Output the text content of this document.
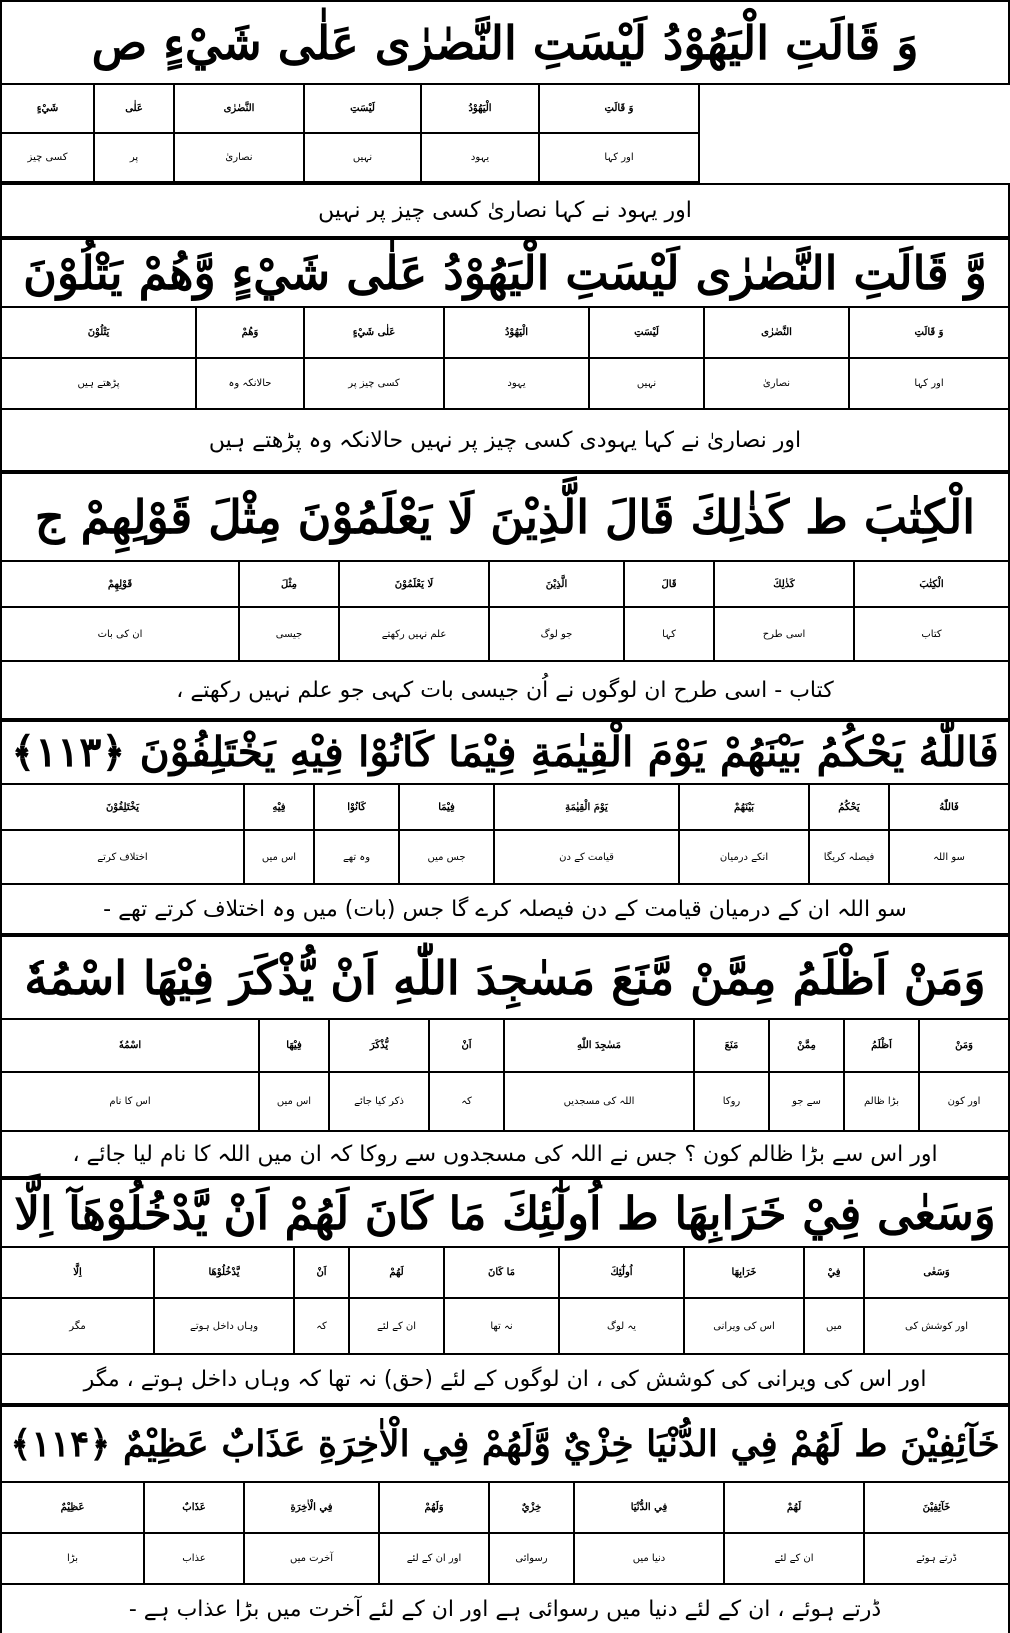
وَ قَالَتِ الْيَهُوْدُ لَيْسَتِ النَّصٰرٰى عَلٰى شَيْءٍ ص
وَ قَالَتِ
الْيَهُوْدُ
لَيْسَتِ
النَّصٰرٰى
عَلٰى
شَيْءٍ
اور کہا
یہود
نہیں
نصاریٰ
پر
کسی چیز
اور یہود نے کہا نصاریٰ کسی چیز پر نہیں
وَّ قَالَتِ النَّصٰرٰى لَيْسَتِ الْيَهُوْدُ عَلٰى شَيْءٍ وَّهُمْ يَتْلُوْنَ
وَ قَالَتِ
النَّصٰرٰى
لَيْسَتِ
الْيَهُوْدُ
عَلٰى شَيْءٍ
وَهُمْ
يَتْلُوْنَ
اور کہا
نصاریٰ
نہیں
یہود
کسی چیز پر
حالانکہ وہ
پڑھتے ہیں
اور نصاریٰ نے کہا یہودی کسی چیز پر نہیں حالانکہ وہ پڑھتے ہیں
الْكِتٰبَ ط كَذٰلِكَ قَالَ الَّذِيْنَ لَا يَعْلَمُوْنَ مِثْلَ قَوْلِهِمْ ج
الْكِتٰبَ
كَذٰلِكَ
قَالَ
الَّذِيْنَ
لَا يَعْلَمُوْنَ
مِثْلَ
قَوْلِهِمْ
کتاب
اسی طرح
کہا
جو لوگ
علم نہیں رکھتے
جیسی
ان کی بات
کتاب - اسی طرح ان لوگوں نے اُن جیسی بات کہی جو علم نہیں رکھتے ،
فَاللّٰهُ يَحْكُمُ بَيْنَهُمْ يَوْمَ الْقِيٰمَةِ فِيْمَا كَانُوْا فِيْهِ يَخْتَلِفُوْنَ ﴿۱۱۳﴾
فَاللّٰهُ
يَحْكُمُ
بَيْنَهُمْ
يَوْمَ الْقِيٰمَةِ
فِيْمَا
كَانُوْا
فِيْهِ
يَخْتَلِفُوْنَ
سو اللہ
فیصلہ کریگا
انکے درمیان
قیامت کے دن
جس میں
وہ تھے
اس میں
اختلاف کرتے
سو اللہ ان کے درمیان قیامت کے دن فیصلہ کرے گا جس (بات) میں وہ اختلاف کرتے تھے -
وَمَنْ اَظْلَمُ مِمَّنْ مَّنَعَ مَسٰجِدَ اللّٰهِ اَنْ يُّذْكَرَ فِيْهَا اسْمُهٗ
وَمَنْ
اَظْلَمُ
مِمَّنْ
مَنَعَ
مَسٰجِدَ اللّٰهِ
اَنْ
يُّذْكَرَ
فِيْهَا
اسْمُهٗ
اور کون
بڑا ظالم
سے جو
روکا
اللہ کی مسجدیں
کہ
ذکر کیا جائے
اس میں
اس کا نام
اور اس سے بڑا ظالم کون ؟ جس نے اللہ کی مسجدوں سے روکا کہ ان میں اللہ کا نام لیا جائے ،
وَسَعٰى فِيْ خَرَابِهَا ط اُولٰٓئِكَ مَا كَانَ لَهُمْ اَنْ يَّدْخُلُوْهَآ اِلَّا
وَسَعٰى
فِيْ
خَرَابِهَا
اُولٰٓئِكَ
مَا كَانَ
لَهُمْ
اَنْ
يَّدْخُلُوْهَا
اِلَّا
اور کوشش کی
میں
اس کی ویرانی
یہ لوگ
نہ تھا
ان کے لئے
کہ
وہاں داخل ہوتے
مگر
اور اس کی ویرانی کی کوشش کی ، ان لوگوں کے لئے (حق) نہ تھا کہ وہاں داخل ہوتے ، مگر
خَآئِفِيْنَ ط لَهُمْ فِي الدُّنْيَا خِزْيٌ وَّلَهُمْ فِي الْاٰخِرَةِ عَذَابٌ عَظِيْمٌ ﴿۱۱۴﴾
خَآئِفِيْنَ
لَهُمْ
فِي الدُّنْيَا
خِزْيٌ
وَلَهُمْ
فِي الْاٰخِرَةِ
عَذَابٌ
عَظِيْمٌ
ڈرتے ہوئے
ان کے لئے
دنیا میں
رسوائی
اور ان کے لئے
آخرت میں
عذاب
بڑا
ڈرتے ہوئے ، ان کے لئے دنیا میں رسوائی ہے اور ان کے لئے آخرت میں بڑا عذاب ہے -
